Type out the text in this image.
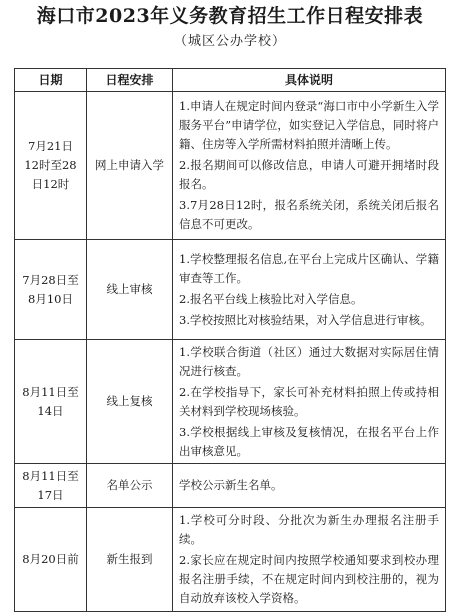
海口市2023年义务教育招生工作日程安排表
（城区公办学校）
日期	日程安排	具体说明
7月21日12时至28日12时	网上申请入学	1.申请人在规定时间内登录“海口市中小学新生入学服务平台”申请学位，如实登记入学信息，同时将户籍、住房等入学所需材料拍照并清晰上传。

2.报名期间可以修改信息，申请人可避开拥堵时段报名。

3.7月28日12时，报名系统关闭，系统关闭后报名信息不可更改。

7月28日至8月10日	线上审核	1.学校整理报名信息,在平台上完成片区确认、学籍审查等工作。

2.报名平台线上核验比对入学信息。

3.学校按照比对核验结果，对入学信息进行审核。

8月11日至14日	线上复核	1.学校联合街道（社区）通过大数据对实际居住情况进行核查。

2.在学校指导下，家长可补充材料拍照上传或持相关材料到学校现场核验。

3.学校根据线上审核及复核情况，在报名平台上作出审核意见。

8月11日至17日	名单公示	学校公示新生名单。

8月20日前	新生报到	1.学校可分时段、分批次为新生办理报名注册手续。

2.家长应在规定时间内按照学校通知要求到校办理报名注册手续，不在规定时间内到校注册的，视为自动放弃该校入学资格。
